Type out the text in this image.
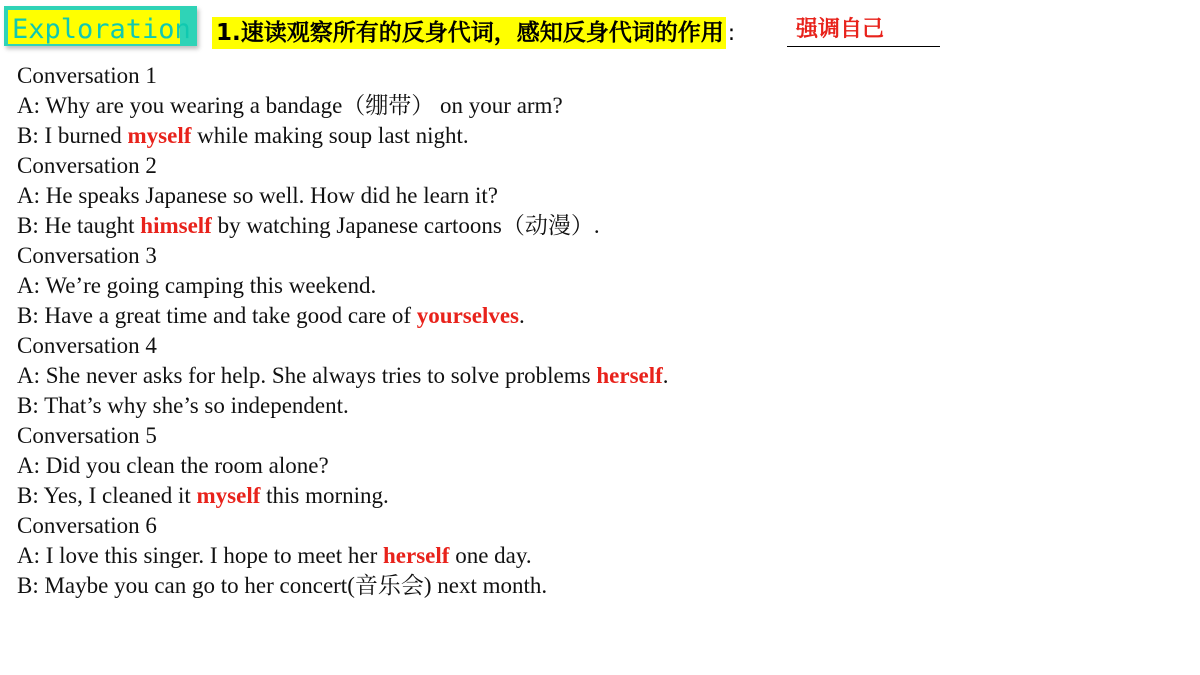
Exploration 1.速读观察所有的反身代词，感知反身代词的作用 :	强调自己
Conversation 1
A: Why are you wearing a bandage（绷带） on your arm?
B: I burned myself while making soup last night.
Conversation 2
A: He speaks Japanese so well. How did he learn it?
B: He taught himself by watching Japanese cartoons（动漫）.
Conversation 3
A: We’re going camping this weekend.
B: Have a great time and take good care of yourselves.
Conversation 4
A: She never asks for help. She always tries to solve problems herself.
B: That’s why she’s so independent.
Conversation 5
A: Did you clean the room alone?
B: Yes, I cleaned it myself this morning.
Conversation 6
A: I love this singer. I hope to meet her herself one day.
B: Maybe you can go to her concert(音乐会) next month.
